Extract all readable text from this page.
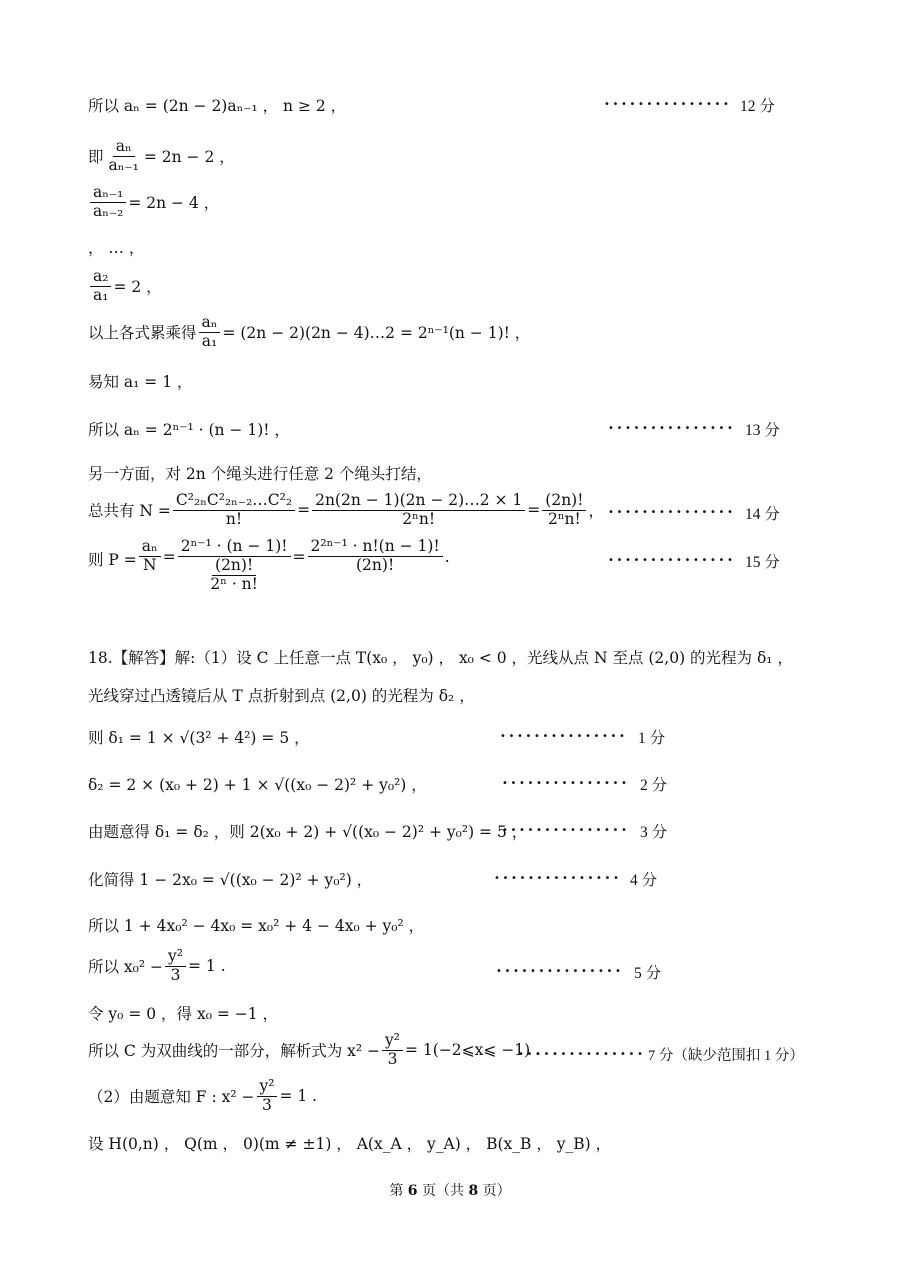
所以 aₙ = (2n − 2)aₙ₋₁ ， n ≥ 2 ，	••••••••••••••• 12 分
即 $\frac{\text{aₙ}}{\text{aₙ₋₁}} = 2n - 2$ ，
$\frac{\text{aₙ₋₁}}{\text{aₙ₋₂}} = 2n - 4$ ，
， … ，
$\frac{\text{a₂}}{\text{a₁}} = 2$ ，
以上各式累乘得 $\frac{\text{aₙ}}{\text{a₁}} = (2n - 2)(2n$ − 4)…2 = 2ⁿ⁻¹(n − 1)! ，
易知 a₁ = 1 ，
所以 aₙ = 2ⁿ⁻¹ · (n − 1)! ，	••••••••••••••• 13 分
另一方面，对 2n 个绳头进行任意 2 个绳头打结，
总共有 $N = \frac{\text{C²₂ₙC²₂ₙ₋₂…C²₂}}{n!} = \frac{2n(2n - 1)(2n - 2)\dots 2 \times 1}{\text{2ⁿn!}} = \frac{(2n)!}{\text{2ⁿn!}}$ ， ••••••••••••••• 14 分
则 $P = \frac{\text{aₙ}}{N} = \frac{\text{2ⁿ⁻¹ · (n − 1)!}}{\frac{(2n)!}{\text{2ⁿ · n!}}} = \frac{\text{2²ⁿ⁻¹ · n!(n − 1)!}}{(2n)!}$ .	••••••••••••••• 15 分
18.【解答】解:（1）设 C 上任意一点 T(x₀ ， y₀) ， x₀ < 0 ，光线从点 N 至点 (2,0) 的光程为 δ₁ ，
光线穿过凸透镜后从 T 点折射到点 (2,0) 的光程为 δ₂ ，
则 δ₁ = 1 × √(3² + 4²) = 5 ，	••••••••••••••• 1 分
δ₂ = 2 × (x₀ + 2) + 1 × √((x₀ − 2)² + y₀²) ，	••••••••••••••• 2 分
由题意得 δ₁ = δ₂ ，则 2(x₀ + 2) + √((x₀ − 2)² + y₀²) = 5 ，
••••••••••••••• 3 分
化简得 1 − 2x₀ = √((x₀ − 2)² + y₀²) ，	••••••••••••••• 4 分
所以 1 + 4x₀² − 4x₀ = x₀² + 4 − 4x₀ + y₀² ，
所以 $x_0^2 - \frac{\text{y²}}{3} = 1$ .	••••••••••••••• 5 分
令 y₀ = 0 ，得 x₀ = −1 ，
所以 C 为双曲线的一部分，解析式为 $x^2 - \frac{\text{y²}}{3}$ = 1(−2⩽x⩽ −1) .
••••••••••••••• 7 分（缺少范围扣 1 分）
（2）由题意知 F : $x^2 - \frac{\text{y²}}{3} = 1$ .
设 H(0,n) ， Q(m ， 0)(m ≠ ±1) ， A(x_A ， y_A) ， B(x_B ， y_B) ，
第 6 页（共 8 页）
